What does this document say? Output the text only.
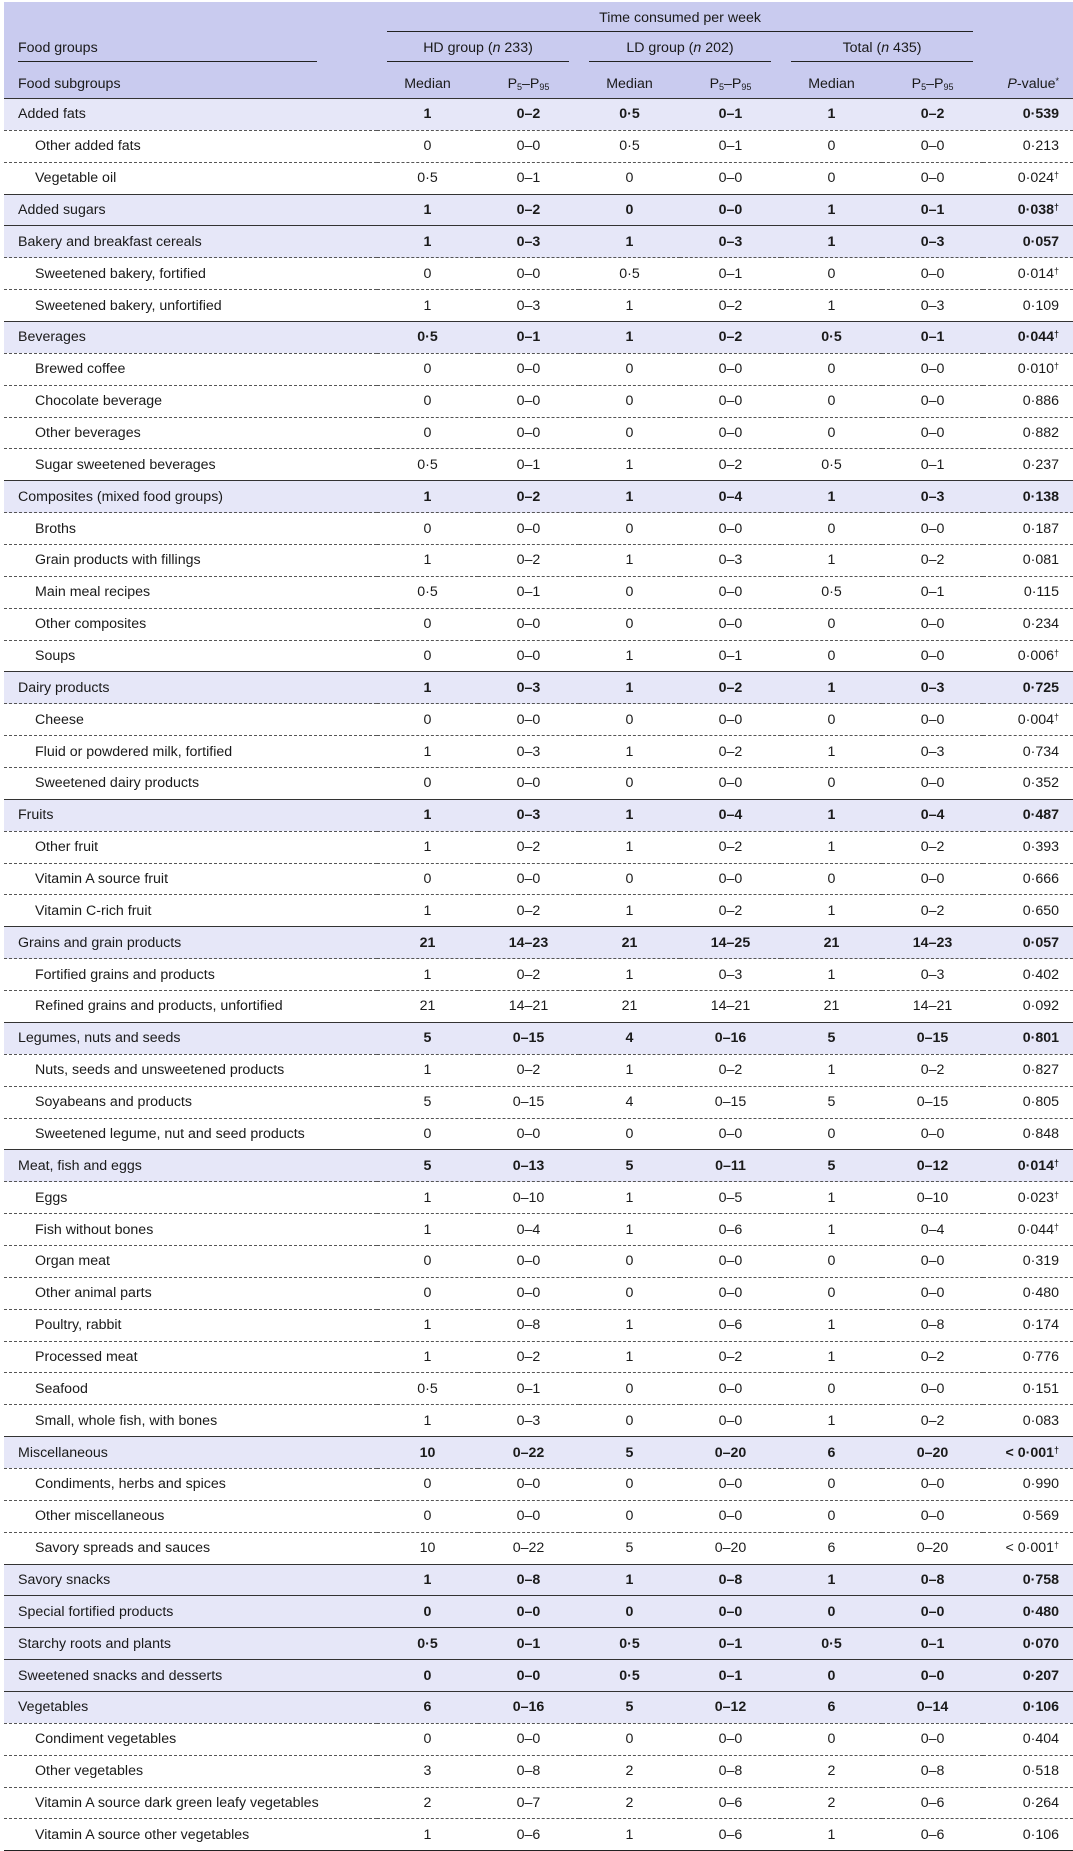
	Time consumed per week						

Food groups	HD group (n 233)		LD group (n 202)		Total (n 435)		

Food subgroups	Median	$P_5-P_{95}$	Median	$P_5-P_{95}$	Median	$P_5-P_{95}$	P-value*
Added fats	1	0–2	0·5	0–1	1	0–2	0·539
Other added fats	0	0–0	0·5	0–1	0	0–0	0·213
Vegetable oil	0·5	0–1	0	0–0	0	0–0	0·024†
Added sugars	1	0–2	0	0–0	1	0–1	0·038†
Bakery and breakfast cereals	1	0–3	1	0–3	1	0–3	0·057
Sweetened bakery, fortified	0	0–0	0·5	0–1	0	0–0	0·014†
Sweetened bakery, unfortified	1	0–3	1	0–2	1	0–3	0·109
Beverages	0·5	0–1	1	0–2	0·5	0–1	0·044†
Brewed coffee	0	0–0	0	0–0	0	0–0	0·010†
Chocolate beverage	0	0–0	0	0–0	0	0–0	0·886
Other beverages	0	0–0	0	0–0	0	0–0	0·882
Sugar sweetened beverages	0·5	0–1	1	0–2	0·5	0–1	0·237
Composites (mixed food groups)	1	0–2	1	0–4	1	0–3	0·138
Broths	0	0–0	0	0–0	0	0–0	0·187
Grain products with fillings	1	0–2	1	0–3	1	0–2	0·081
Main meal recipes	0·5	0–1	0	0–0	0·5	0–1	0·115
Other composites	0	0–0	0	0–0	0	0–0	0·234
Soups	0	0–0	1	0–1	0	0–0	0·006†
Dairy products	1	0–3	1	0–2	1	0–3	0·725
Cheese	0	0–0	0	0–0	0	0–0	0·004†
Fluid or powdered milk, fortified	1	0–3	1	0–2	1	0–3	0·734
Sweetened dairy products	0	0–0	0	0–0	0	0–0	0·352
Fruits	1	0–3	1	0–4	1	0–4	0·487
Other fruit	1	0–2	1	0–2	1	0–2	0·393
Vitamin A source fruit	0	0–0	0	0–0	0	0–0	0·666
Vitamin C-rich fruit	1	0–2	1	0–2	1	0–2	0·650
Grains and grain products	21	14–23	21	14–25	21	14–23	0·057
Fortified grains and products	1	0–2	1	0–3	1	0–3	0·402
Refined grains and products, unfortified	21	14–21	21	14–21	21	14–21	0·092
Legumes, nuts and seeds	5	0–15	4	0–16	5	0–15	0·801
Nuts, seeds and unsweetened products	1	0–2	1	0–2	1	0–2	0·827
Soyabeans and products	5	0–15	4	0–15	5	0–15	0·805
Sweetened legume, nut and seed products	0	0–0	0	0–0	0	0–0	0·848
Meat, fish and eggs	5	0–13	5	0–11	5	0–12	0·014†
Eggs	1	0–10	1	0–5	1	0–10	0·023†
Fish without bones	1	0–4	1	0–6	1	0–4	0·044†
Organ meat	0	0–0	0	0–0	0	0–0	0·319
Other animal parts	0	0–0	0	0–0	0	0–0	0·480
Poultry, rabbit	1	0–8	1	0–6	1	0–8	0·174
Processed meat	1	0–2	1	0–2	1	0–2	0·776
Seafood	0·5	0–1	0	0–0	0	0–0	0·151
Small, whole fish, with bones	1	0–3	0	0–0	1	0–2	0·083
Miscellaneous	10	0–22	5	0–20	6	0–20	< 0·001†
Condiments, herbs and spices	0	0–0	0	0–0	0	0–0	0·990
Other miscellaneous	0	0–0	0	0–0	0	0–0	0·569
Savory spreads and sauces	10	0–22	5	0–20	6	0–20	< 0·001†
Savory snacks	1	0–8	1	0–8	1	0–8	0·758
Special fortified products	0	0–0	0	0–0	0	0–0	0·480
Starchy roots and plants	0·5	0–1	0·5	0–1	0·5	0–1	0·070
Sweetened snacks and desserts	0	0–0	0·5	0–1	0	0–0	0·207
Vegetables	6	0–16	5	0–12	6	0–14	0·106
Condiment vegetables	0	0–0	0	0–0	0	0–0	0·404
Other vegetables	3	0–8	2	0–8	2	0–8	0·518
Vitamin A source dark green leafy vegetables	2	0–7	2	0–6	2	0–6	0·264
Vitamin A source other vegetables	1	0–6	1	0–6	1	0–6	0·106
